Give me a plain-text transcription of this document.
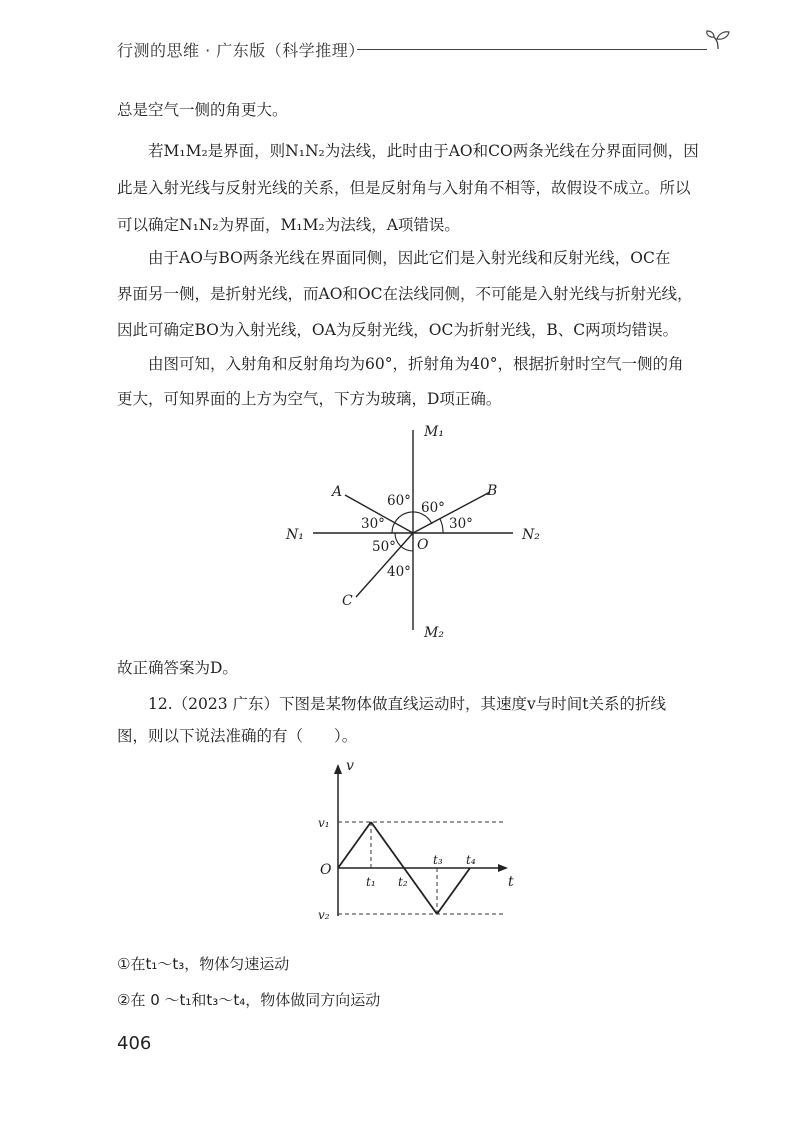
行测的思维 · 广东版（科学推理）

总是空气一侧的角更大。

若M₁M₂是界面，则N₁N₂为法线，此时由于AO和CO两条光线在分界面同侧，因

此是入射光线与反射光线的关系，但是反射角与入射角不相等，故假设不成立。所以

可以确定N₁N₂为界面，M₁M₂为法线，A项错误。

由于AO与BO两条光线在界面同侧，因此它们是入射光线和反射光线，OC在

界面另一侧，是折射光线，而AO和OC在法线同侧，不可能是入射光线与折射光线，

因此可确定BO为入射光线，OA为反射光线，OC为折射光线，B、C两项均错误。

由图可知，入射角和反射角均为60°，折射角为40°，根据折射时空气一侧的角

更大，可知界面的上方为空气，下方为玻璃，D项正确。

M₁
M₂
N₁	N₂
O
A	B
C
60° 60°
30°	30°
50°
40°

故正确答案为D。

12.（2023 广东）下图是某物体做直线运动时，其速度v与时间t关系的折线

图，则以下说法准确的有（　　）。

v
t
O
v₁
v₂
t₁ t₂
t₃ t₄

①在t₁～t₃，物体匀速运动

②在 0 ～t₁和t₃～t₄，物体做同方向运动

406
